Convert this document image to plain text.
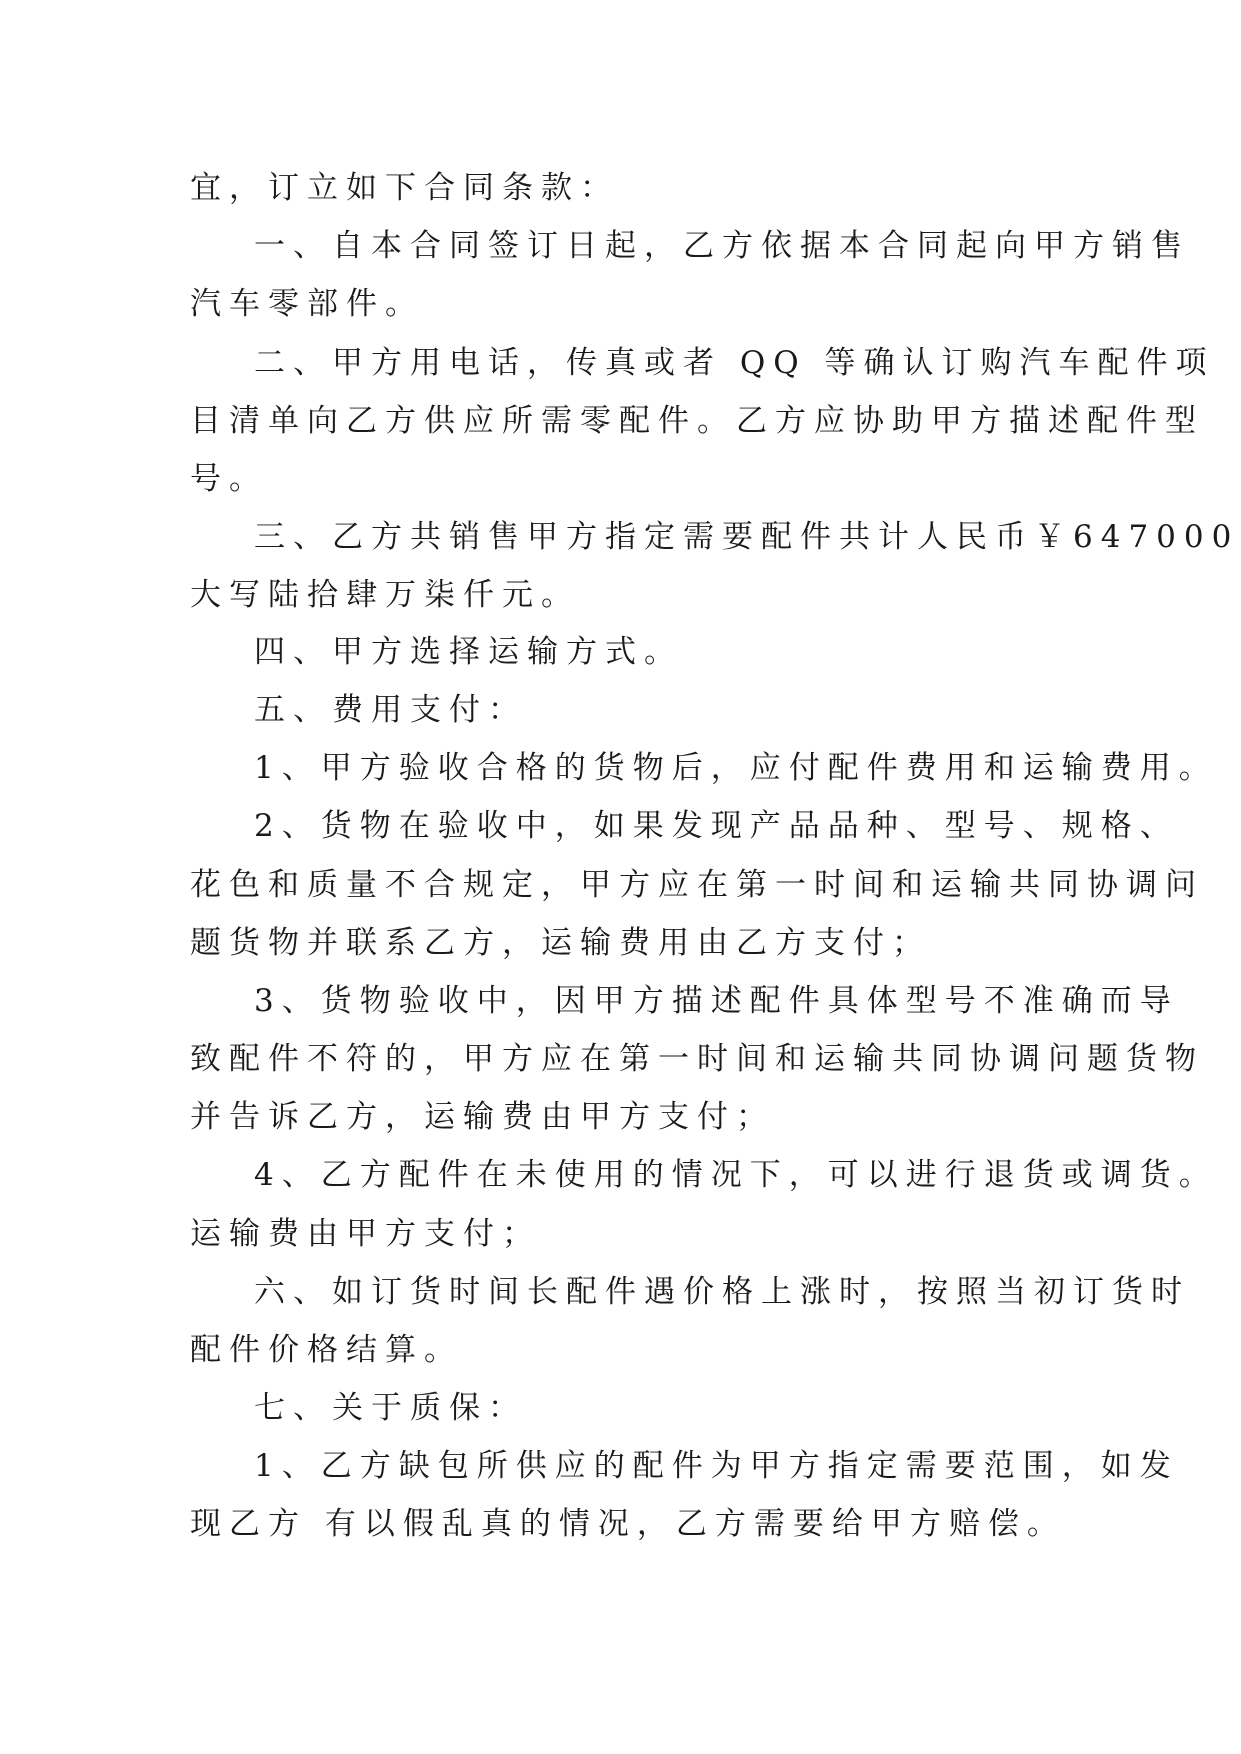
宜，订立如下合同条款：
一、自本合同签订日起，乙方依据本合同起向甲方销售
汽车零部件。
二、甲方用电话，传真或者 QQ 等确认订购汽车配件项
目清单向乙方供应所需零配件。乙方应协助甲方描述配件型
号。
三、乙方共销售甲方指定需要配件共计人民币￥647000
大写陆拾肆万柒仟元。
四、甲方选择运输方式。
五、费用支付：
1、甲方验收合格的货物后，应付配件费用和运输费用。
2、货物在验收中，如果发现产品品种、型号、规格、
花色和质量不合规定，甲方应在第一时间和运输共同协调问
题货物并联系乙方，运输费用由乙方支付；
3、货物验收中，因甲方描述配件具体型号不准确而导
致配件不符的，甲方应在第一时间和运输共同协调问题货物
并告诉乙方，运输费由甲方支付；
4、乙方配件在未使用的情况下，可以进行退货或调货。
运输费由甲方支付；
六、如订货时间长配件遇价格上涨时，按照当初订货时
配件价格结算。
七、关于质保：
1、乙方缺包所供应的配件为甲方指定需要范围，如发
现乙方 有以假乱真的情况，乙方需要给甲方赔偿。
